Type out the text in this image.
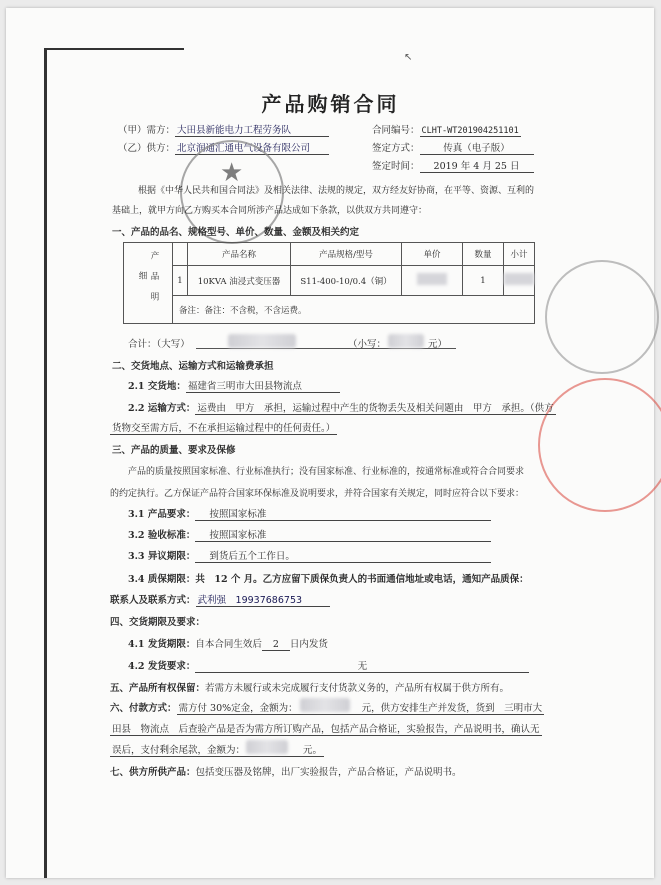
↖
产品购销合同
（甲）需方： 大田县新能电力工程劳务队
（乙）供方： 北京润通汇通电气设备有限公司
合同编号： CLHT-WT201904251101
签定方式： 传真（电子版）
签定时间： 2019 年 4 月 25 日
★
根据《中华人民共和国合同法》及相关法律、法规的规定，双方经友好协商，在平等、资源、互利的
基础上，就甲方向乙方购买本合同所涉产品达成如下条款，以供双方共同遵守：
一、产品的品名、规格型号、单价、数量、金额及相关约定
产品明细		产品名称	产品规格/型号	单价	数量	小计
	1	10KVA 油浸式变压器	S11-400-10/0.4（铜）		1	
	备注：备注：不含税，不含运费。					
合计：（大写）	（小写：	元）
二、交货地点、运输方式和运输费承担
2.1 交货地： 福建省三明市大田县物流点
2.2 运输方式： 运费由　甲方　承担，运输过程中产生的货物丢失及相关问题由　甲方　承担。（供方
货物交至需方后，不在承担运输过程中的任何责任。）
三、产品的质量、要求及保修
产品的质量按照国家标准、行业标准执行；没有国家标准、行业标准的，按通常标准或符合合同要求
的约定执行。乙方保证产品符合国家环保标准及说明要求，并符合国家有关规定，同时应符合以下要求：
3.1 产品要求： 按照国家标准
3.2 验收标准： 按照国家标准
3.3 异议期限： 到货后五个工作日。
3.4 质保期限：共　12 个 月。乙方应留下质保负责人的书面通信地址或电话，通知产品质保：
联系人及联系方式： 武利强　 19937686753
四、交货期限及要求：
4.1 发货期限：自本合同生效后 2 日内发货
4.2 发货要求：	无
五、产品所有权保留：若需方未履行或未完成履行支付货款义务的，产品所有权属于供方所有。
六、付款方式： 需方付 30%定金，金额为：	元，供方安排生产并发货，货到　三明市大
田县　物流点　后查验产品是否为需方所订购产品，包括产品合格证，实验报告，产品说明书，确认无
误后，支付剩余尾款，金额为：	元。
七、供方所供产品：包括变压器及铭牌，出厂实验报告，产品合格证，产品说明书。
